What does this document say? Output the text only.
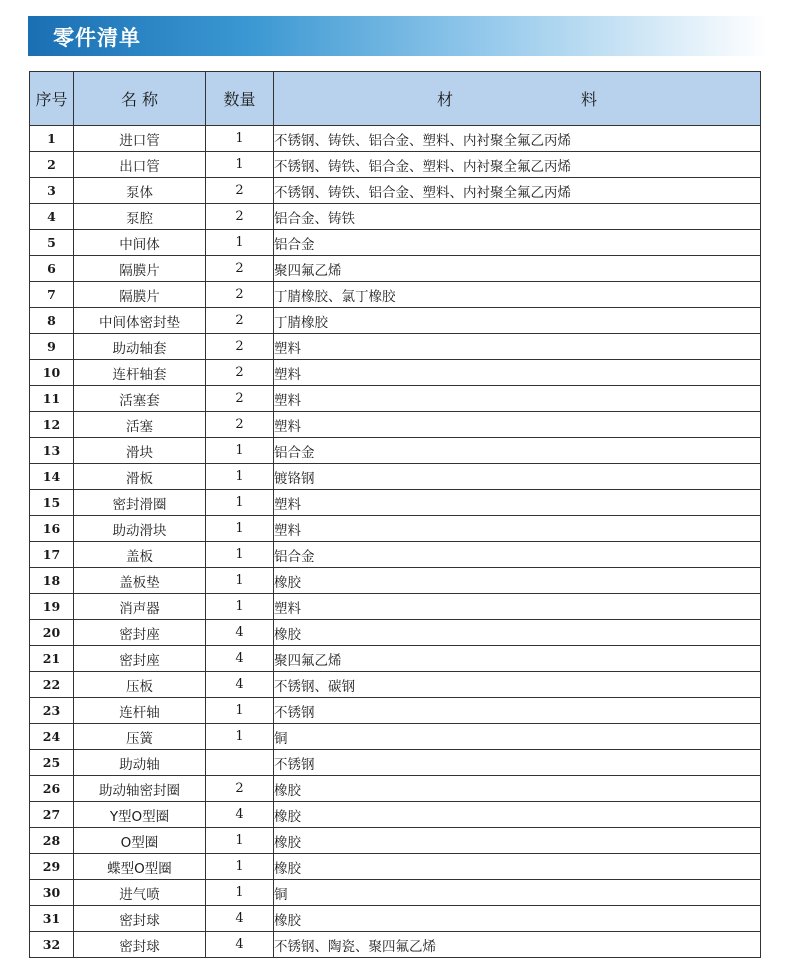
零件清单
序号	名 称	数量	材 料
1	进口管	1	不锈钢、铸铁、铝合金、塑料、内衬聚全氟乙丙烯
2	出口管	1	不锈钢、铸铁、铝合金、塑料、内衬聚全氟乙丙烯
3	泵体	2	不锈钢、铸铁、铝合金、塑料、内衬聚全氟乙丙烯
4	泵腔	2	铝合金、铸铁
5	中间体	1	铝合金
6	隔膜片	2	聚四氟乙烯
7	隔膜片	2	丁腈橡胶、氯丁橡胶
8	中间体密封垫	2	丁腈橡胶
9	助动轴套	2	塑料
10	连杆轴套	2	塑料
11	活塞套	2	塑料
12	活塞	2	塑料
13	滑块	1	铝合金
14	滑板	1	镀铬钢
15	密封滑圈	1	塑料
16	助动滑块	1	塑料
17	盖板	1	铝合金
18	盖板垫	1	橡胶
19	消声器	1	塑料
20	密封座	4	橡胶
21	密封座	4	聚四氟乙烯
22	压板	4	不锈钢、碳钢
23	连杆轴	1	不锈钢
24	压簧	1	铜
25	助动轴		不锈钢
26	助动轴密封圈	2	橡胶
27	Y型O型圈	4	橡胶
28	O型圈	1	橡胶
29	蝶型O型圈	1	橡胶
30	进气喷	1	铜
31	密封球	4	橡胶
32	密封球	4	不锈钢、陶瓷、聚四氟乙烯
